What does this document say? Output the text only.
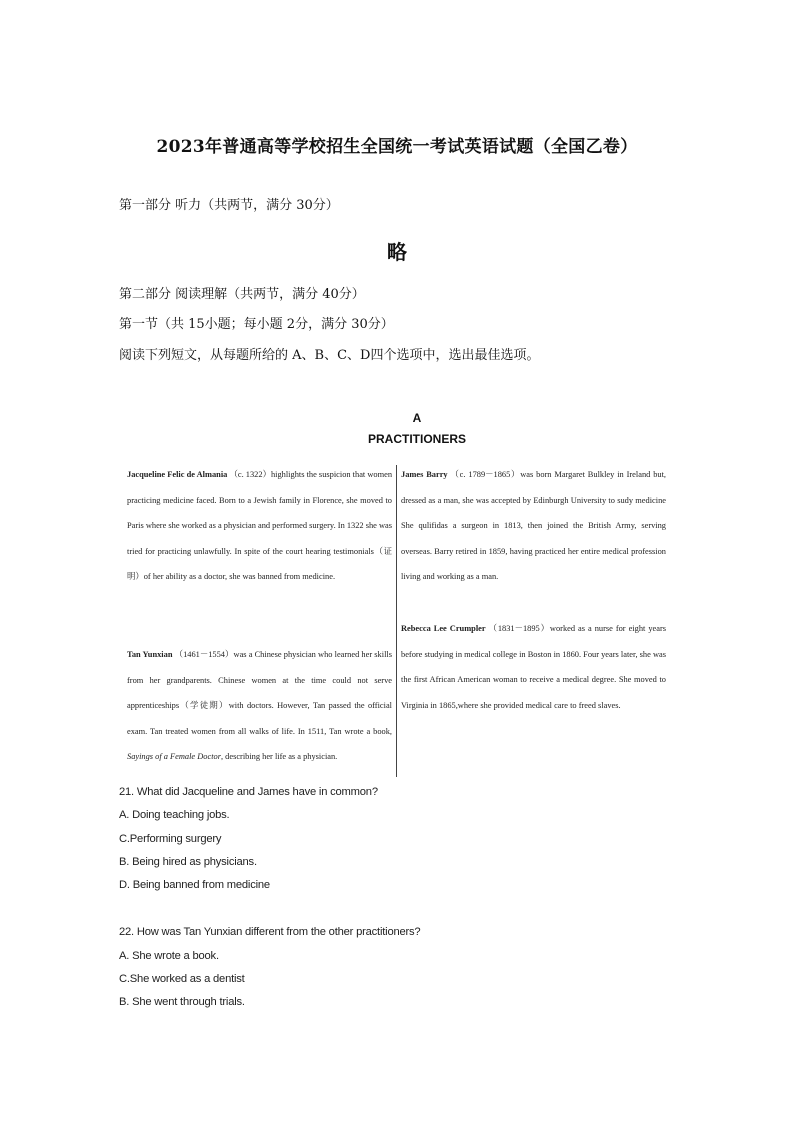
2023年普通高等学校招生全国统一考试英语试题（全国乙卷）
第一部分 听力（共两节，满分 30分）
略
第二部分 阅读理解（共两节，满分 40分）
第一节（共 15小题；每小题 2分，满分 30分）
阅读下列短文，从每题所给的 A、B、C、D四个选项中，选出最佳选项。
A
PRACTITIONERS
Jacqueline Felic de Almania （c. 1322）highlights the suspicion that women practicing medicine faced. Born to a Jewish family in Florence, she moved to Paris where she worked as a physician and performed surgery. In 1322 she was tried for practicing unlawfully. In spite of the court hearing testimonials（证明）of her ability as a doctor, she was banned from medicine.
Tan Yunxian （1461－1554）was a Chinese physician who learned her skills from her grandparents. Chinese women at the time could not serve apprenticeships（学徒期）with doctors. However, Tan passed the official exam. Tan treated women from all walks of life. In 1511, Tan wrote a book, Sayings of a Female Doctor, describing her life as a physician.
James Barry （c. 1789－1865）was born Margaret Bulkley in Ireland but, dressed as a man, she was accepted by Edinburgh University to sudy medicine She qulifidas a surgeon in 1813, then joined the British Army, serving overseas. Barry retired in 1859, having practiced her entire medical profession living and working as a man.
Rebecca Lee Crumpler （1831－1895）worked as a nurse for eight years before studying in medical college in Boston in 1860. Four years later, she was the first African American woman to receive a medical degree. She moved to Virginia in 1865,where she provided medical care to freed slaves.
21. What did Jacqueline and James have in common?
A. Doing teaching jobs.
C.Performing surgery
B. Being hired as physicians.
D. Being banned from medicine
22. How was Tan Yunxian different from the other practitioners?
A. She wrote a book.
C.She worked as a dentist
B. She went through trials.
